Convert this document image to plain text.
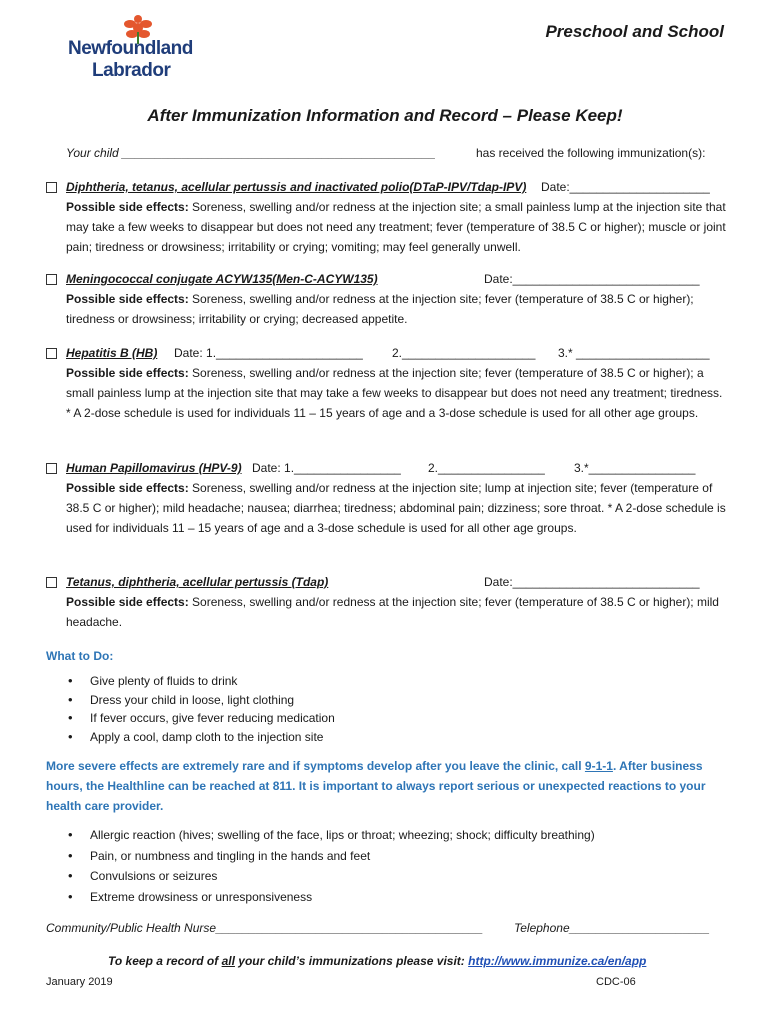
Newfoundland
Labrador
Preschool and School
After Immunization Information and Record – Please Keep!
Your child _______________________________________________	has received the following immunization(s):
Diphtheria, tetanus, acellular pertussis and inactivated polio(DTaP-IPV/Tdap-IPV) Date:_____________________
Possible side effects: Soreness, swelling and/or redness at the injection site; a small painless lump at the injection site that may take a few weeks to disappear but does not need any treatment; fever (temperature of 38.5 C or higher); muscle or joint pain; tiredness or drowsiness; irritability or crying; vomiting; may feel generally unwell.
Meningococcal conjugate ACYW135(Men-C-ACYW135)	Date:____________________________
Possible side effects: Soreness, swelling and/or redness at the injection site; fever (temperature of 38.5 C or higher); tiredness or drowsiness; irritability or crying; decreased appetite.
Hepatitis B (HB) Date: 1.______________________ 2.____________________ 3.* ____________________
Possible side effects: Soreness, swelling and/or redness at the injection site; fever (temperature of 38.5 C or higher); a small painless lump at the injection site that may take a few weeks to disappear but does not need any treatment; tiredness. * A 2-dose schedule is used for individuals 11 – 15 years of age and a 3-dose schedule is used for all other age groups.
Human Papillomavirus (HPV-9) Date: 1.________________ 2.________________ 3.*________________
Possible side effects: Soreness, swelling and/or redness at the injection site; lump at injection site; fever (temperature of 38.5 C or higher); mild headache; nausea; diarrhea; tiredness; abdominal pain; dizziness; sore throat. * A 2-dose schedule is used for individuals 11 – 15 years of age and a 3-dose schedule is used for all other age groups.
Tetanus, diphtheria, acellular pertussis (Tdap)	Date:____________________________
Possible side effects: Soreness, swelling and/or redness at the injection site; fever (temperature of 38.5 C or higher); mild headache.
What to Do:
• Give plenty of fluids to drink
• Dress your child in loose, light clothing
• If fever occurs, give fever reducing medication
• Apply a cool, damp cloth to the injection site
More severe effects are extremely rare and if symptoms develop after you leave the clinic, call 9-1-1. After business hours, the Healthline can be reached at 811. It is important to always report serious or unexpected reactions to your health care provider.
• Allergic reaction (hives; swelling of the face, lips or throat; wheezing; shock; difficulty breathing)
• Pain, or numbness and tingling in the hands and feet
• Convulsions or seizures
• Extreme drowsiness or unresponsiveness
Community/Public Health Nurse________________________________________	Telephone_____________________
To keep a record of all your child’s immunizations please visit: http://www.immunize.ca/en/app
January 2019	CDC-06
